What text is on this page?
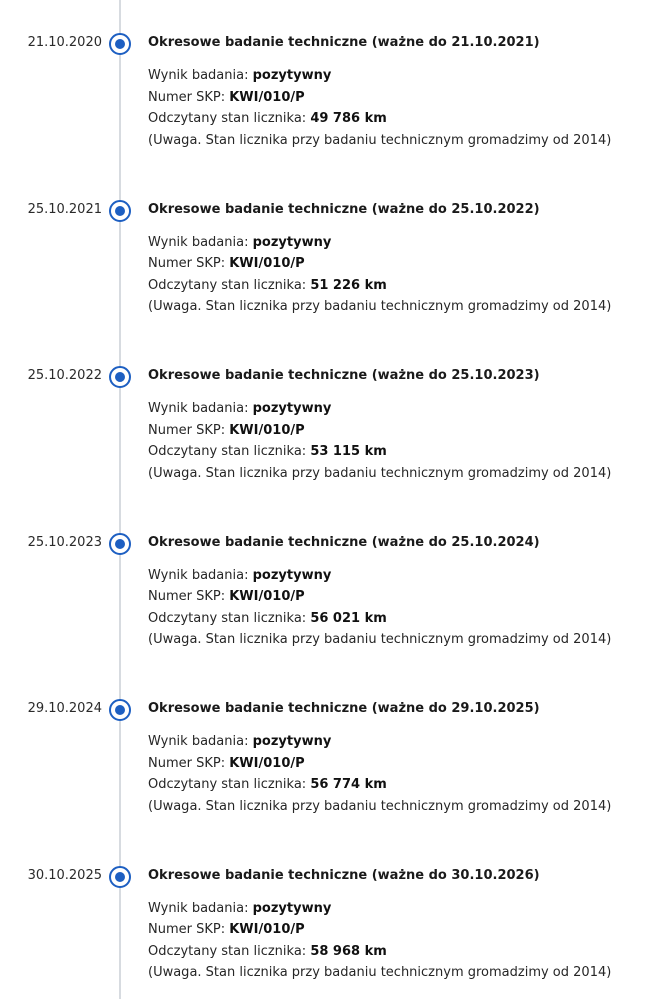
21.10.2020	Okresowe badanie techniczne (ważne do 21.10.2021)
Wynik badania: pozytywny
Numer SKP: KWI/010/P
Odczytany stan licznika: 49 786 km
(Uwaga. Stan licznika przy badaniu technicznym gromadzimy od 2014)
25.10.2021	Okresowe badanie techniczne (ważne do 25.10.2022)
Wynik badania: pozytywny
Numer SKP: KWI/010/P
Odczytany stan licznika: 51 226 km
(Uwaga. Stan licznika przy badaniu technicznym gromadzimy od 2014)
25.10.2022	Okresowe badanie techniczne (ważne do 25.10.2023)
Wynik badania: pozytywny
Numer SKP: KWI/010/P
Odczytany stan licznika: 53 115 km
(Uwaga. Stan licznika przy badaniu technicznym gromadzimy od 2014)
25.10.2023	Okresowe badanie techniczne (ważne do 25.10.2024)
Wynik badania: pozytywny
Numer SKP: KWI/010/P
Odczytany stan licznika: 56 021 km
(Uwaga. Stan licznika przy badaniu technicznym gromadzimy od 2014)
29.10.2024	Okresowe badanie techniczne (ważne do 29.10.2025)
Wynik badania: pozytywny
Numer SKP: KWI/010/P
Odczytany stan licznika: 56 774 km
(Uwaga. Stan licznika przy badaniu technicznym gromadzimy od 2014)
30.10.2025	Okresowe badanie techniczne (ważne do 30.10.2026)
Wynik badania: pozytywny
Numer SKP: KWI/010/P
Odczytany stan licznika: 58 968 km
(Uwaga. Stan licznika przy badaniu technicznym gromadzimy od 2014)
